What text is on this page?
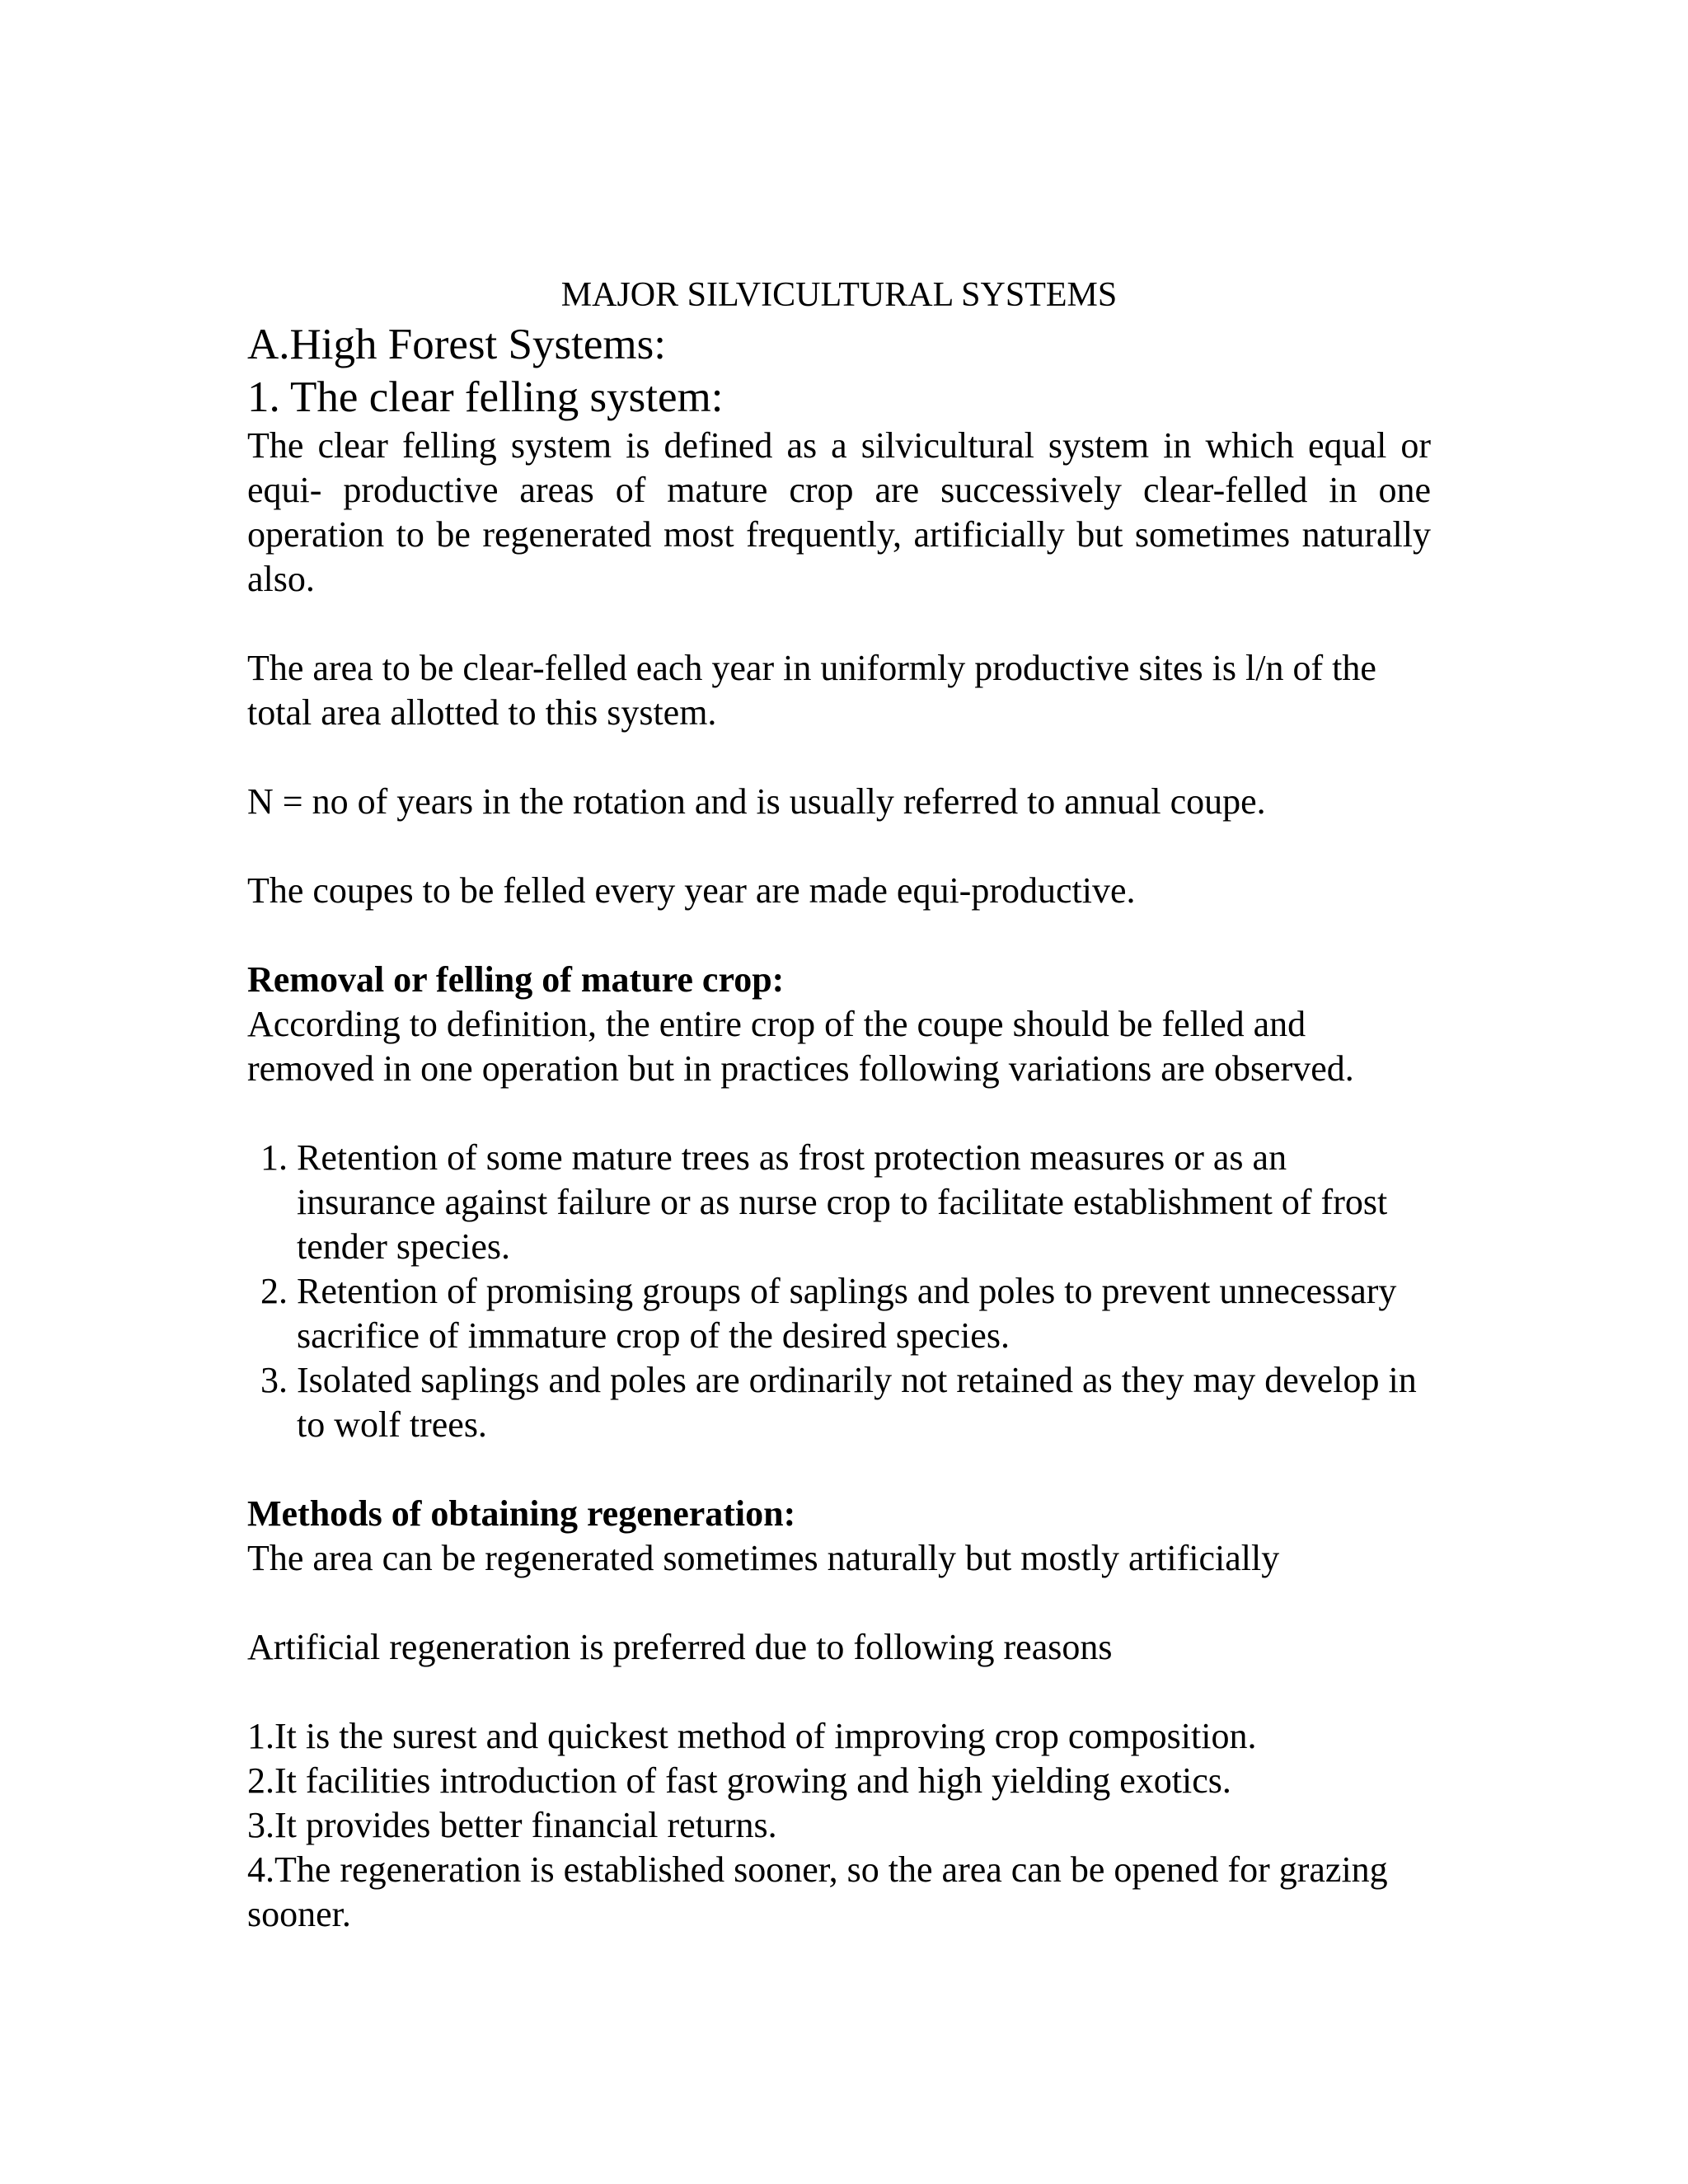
MAJOR SILVICULTURAL SYSTEMS
A.High Forest Systems:
1. The clear felling system:

The clear felling system is defined as a silvicultural system in which equal or equi- productive areas of mature crop are successively clear-felled in one operation to be regenerated most frequently, artificially but sometimes naturally also.

The area to be clear-felled each year in uniformly productive sites is l/n of the total area allotted to this system.

N = no of years in the rotation and is usually referred to annual coupe.

The coupes to be felled every year are made equi-productive.

Removal or felling of mature crop:

According to definition, the entire crop of the coupe should be felled and removed in one operation but in practices following variations are observed.

1. Retention of some mature trees as frost protection measures or as an insurance against failure or as nurse crop to facilitate establishment of frost tender species.
2. Retention of promising groups of saplings and poles to prevent unnecessary sacrifice of immature crop of the desired species.
3. Isolated saplings and poles are ordinarily not retained as they may develop in to wolf trees.

Methods of obtaining regeneration:

The area can be regenerated sometimes naturally but mostly artificially

Artificial regeneration is preferred due to following reasons

1.It is the surest and quickest method of improving crop composition.

2.It facilities introduction of fast growing and high yielding exotics.

3.It provides better financial returns.

4.The regeneration is established sooner, so the area can be opened for grazing sooner.
